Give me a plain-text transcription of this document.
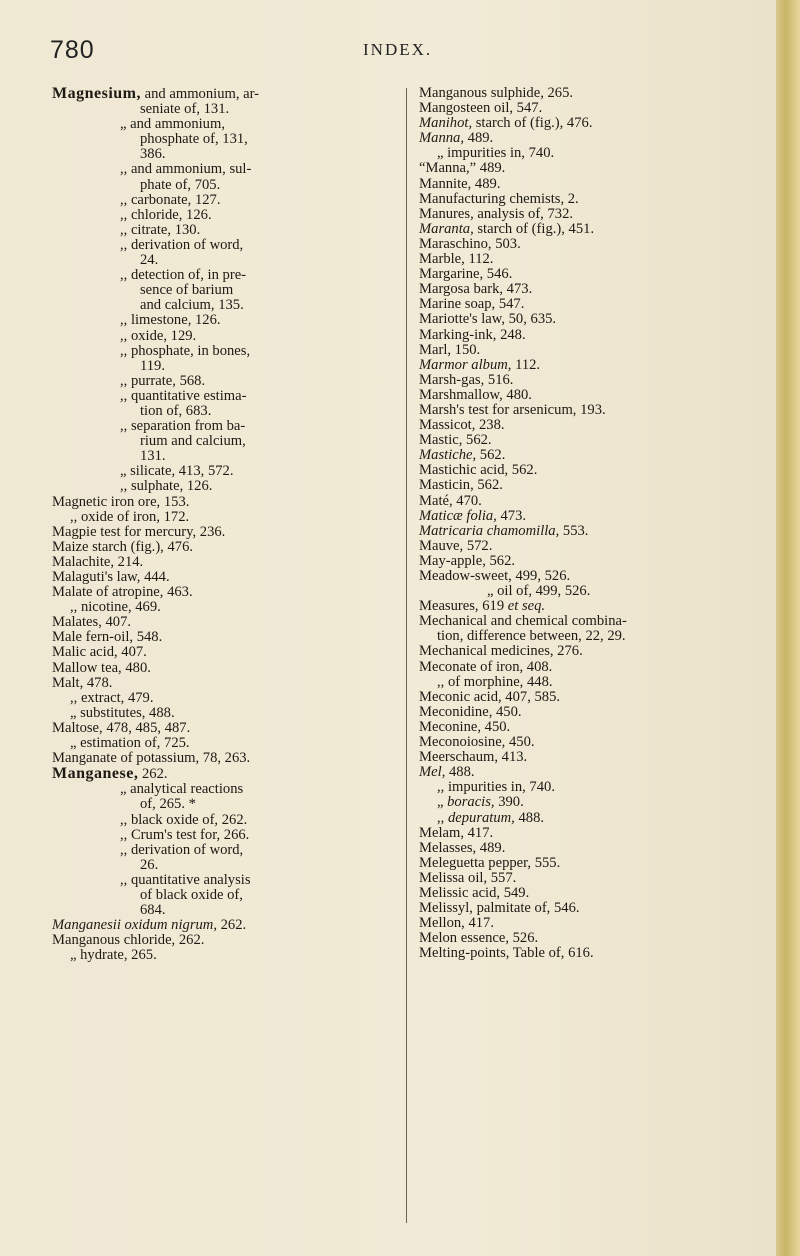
780	INDEX.
Magnesium, and ammonium, ar-
seniate of, 131.
„ and ammonium,
phosphate of, 131,
386.
,, and ammonium, sul-
phate of, 705.
,, carbonate, 127.
,, chloride, 126.
,, citrate, 130.
,, derivation of word,
24.
,, detection of, in pre-
sence of barium
and calcium, 135.
,, limestone, 126.
,, oxide, 129.
,, phosphate, in bones,
119.
,, purrate, 568.
,, quantitative estima-
tion of, 683.
,, separation from ba-
rium and calcium,
131.
„ silicate, 413, 572.
,, sulphate, 126.
Magnetic iron ore, 153.
,, oxide of iron, 172.
Magpie test for mercury, 236.
Maize starch (fig.), 476.
Malachite, 214.
Malaguti's law, 444.
Malate of atropine, 463.
,, nicotine, 469.
Malates, 407.
Male fern-oil, 548.
Malic acid, 407.
Mallow tea, 480.
Malt, 478.
,, extract, 479.
„ substitutes, 488.
Maltose, 478, 485, 487.
„ estimation of, 725.
Manganate of potassium, 78, 263.
Manganese, 262.
„ analytical reactions
of, 265. *
,, black oxide of, 262.
,, Crum's test for, 266.
,, derivation of word,
26.
,, quantitative analysis
of black oxide of,
684.
Manganesii oxidum nigrum, 262.
Manganous chloride, 262.
„ hydrate, 265.
Manganous sulphide, 265.
Mangosteen oil, 547.
Manihot, starch of (fig.), 476.
Manna, 489.
„ impurities in, 740.
“Manna,” 489.
Mannite, 489.
Manufacturing chemists, 2.
Manures, analysis of, 732.
Maranta, starch of (fig.), 451.
Maraschino, 503.
Marble, 112.
Margarine, 546.
Margosa bark, 473.
Marine soap, 547.
Mariotte's law, 50, 635.
Marking-ink, 248.
Marl, 150.
Marmor album, 112.
Marsh-gas, 516.
Marshmallow, 480.
Marsh's test for arsenicum, 193.
Massicot, 238.
Mastic, 562.
Mastiche, 562.
Mastichic acid, 562.
Masticin, 562.
Maté, 470.
Maticæ folia, 473.
Matricaria chamomilla, 553.
Mauve, 572.
May-apple, 562.
Meadow-sweet, 499, 526.
„ oil of, 499, 526.
Measures, 619 et seq.
Mechanical and chemical combina-
tion, difference between, 22, 29.
Mechanical medicines, 276.
Meconate of iron, 408.
,, of morphine, 448.
Meconic acid, 407, 585.
Meconidine, 450.
Meconine, 450.
Meconoiosine, 450.
Meerschaum, 413.
Mel, 488.
,, impurities in, 740.
„ boracis, 390.
,, depuratum, 488.
Melam, 417.
Melasses, 489.
Meleguetta pepper, 555.
Melissa oil, 557.
Melissic acid, 549.
Melissyl, palmitate of, 546.
Mellon, 417.
Melon essence, 526.
Melting-points, Table of, 616.
